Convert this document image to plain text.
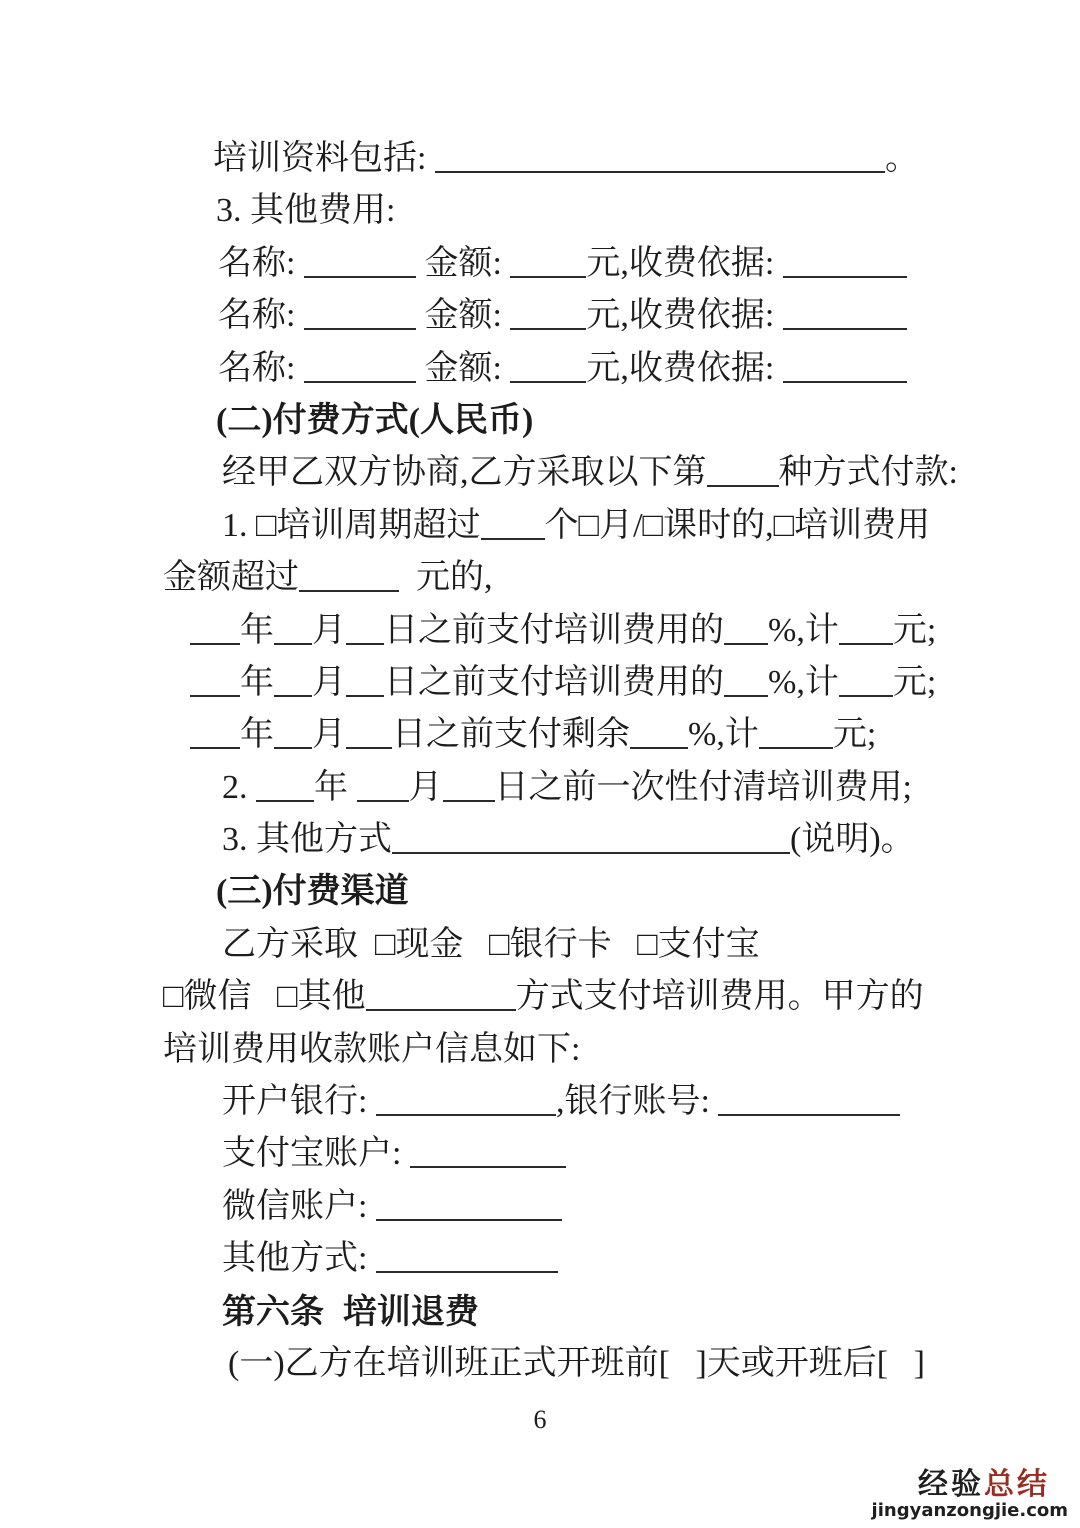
培训资料包括:	。
3. 其他费用:
名称:	金额: 元,收费依据:
名称:	金额: 元,收费依据:
名称:	金额: 元,收费依据:
(二)付费方式(人民币)
经甲乙双方协商,乙方采取以下第 种方式付款:
1. □培训周期超过 个□月/□课时的,□培训费用
金额超过	元的,
年 月 日之前支付培训费用的 %,计 元;
年 月 日之前支付培训费用的 %,计 元;
年 月 日之前支付剩余 %,计 元;
2. 年 月 日之前一次性付清培训费用;
3. 其他方式	(说明)。
(三)付费渠道
乙方采取  □现金   □银行卡   □支付宝
□微信   □其他	方式支付培训费用。甲方的
培训费用收款账户信息如下:
开户银行:	,银行账号:
支付宝账户:
微信账户:
其他方式:
第六条  培训退费
(一)乙方在培训班正式开班前[   ]天或开班后[   ]
6
经验总结
jingyanzongjie.com
